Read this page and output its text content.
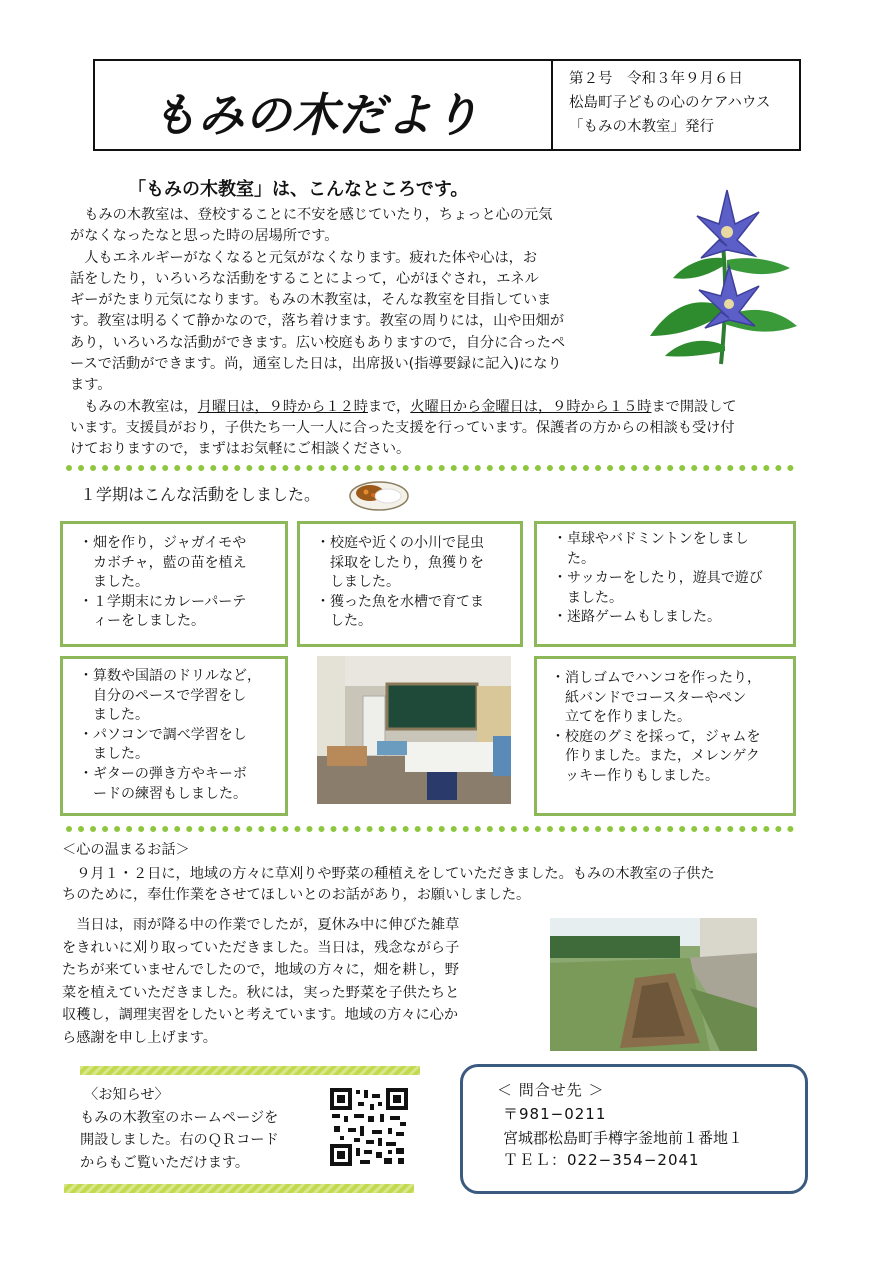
もみの木だより
第２号　令和３年９月６日
松島町子どもの心のケアハウス
「もみの木教室」発行
「もみの木教室」は、こんなところです。
　もみの木教室は、登校することに不安を感じていたり，ちょっと心の元気
がなくなったなと思った時の居場所です。
　人もエネルギーがなくなると元気がなくなります。疲れた体や心は，お
話をしたり，いろいろな活動をすることによって，心がほぐされ，エネル
ギーがたまり元気になります。もみの木教室は，そんな教室を目指していま
す。教室は明るくて静かなので，落ち着けます。教室の周りには，山や田畑が
あり，いろいろな活動ができます。広い校庭もありますので，自分に合ったペ
ースで活動ができます。尚，通室した日は，出席扱い(指導要録に記入)になり
ます。
　もみの木教室は，月曜日は，９時から１２時まで，火曜日から金曜日は，９時から１５時まで開設して
います。支援員がおり，子供たち一人一人に合った支援を行っています。保護者の方からの相談も受け付
けておりますので，まずはお気軽にご相談ください。
１学期はこんな活動をしました。
・畑を作り，ジャガイモや
カボチャ，藍の苗を植え
ました。
・１学期末にカレーパーテ
ィーをしました。
・校庭や近くの小川で昆虫
採取をしたり，魚獲りを
しました。
・獲った魚を水槽で育てま
した。
・卓球やバドミントンをしまし
た。
・サッカーをしたり，遊具で遊び
ました。
・迷路ゲームもしました。
・算数や国語のドリルなど，
自分のペースで学習をし
ました。
・パソコンで調べ学習をし
ました。
・ギターの弾き方やキーボ
ードの練習もしました。
・消しゴムでハンコを作ったり，
紙バンドでコースターやペン
立てを作りました。
・校庭のグミを採って，ジャムを
作りました。また，メレンゲク
ッキー作りもしました。
＜心の温まるお話＞
　９月１・２日に，地域の方々に草刈りや野菜の種植えをしていただきました。もみの木教室の子供た
ちのために，奉仕作業をさせてほしいとのお話があり，お願いしました。
　当日は，雨が降る中の作業でしたが，夏休み中に伸びた雑草
をきれいに刈り取っていただきました。当日は，残念ながら子
たちが来ていませんでしたので，地域の方々に，畑を耕し，野
菜を植えていただきました。秋には，実った野菜を子供たちと
収穫し，調理実習をしたいと考えています。地域の方々に心か
ら感謝を申し上げます。
〈お知らせ〉
もみの木教室のホームページを
開設しました。右のＱＲコード
からもご覧いただけます。
＜ 問合せ先 ＞
〒981−0211
宮城郡松島町手樽字釜地前１番地１
ＴＥＬ：022−354−2041
